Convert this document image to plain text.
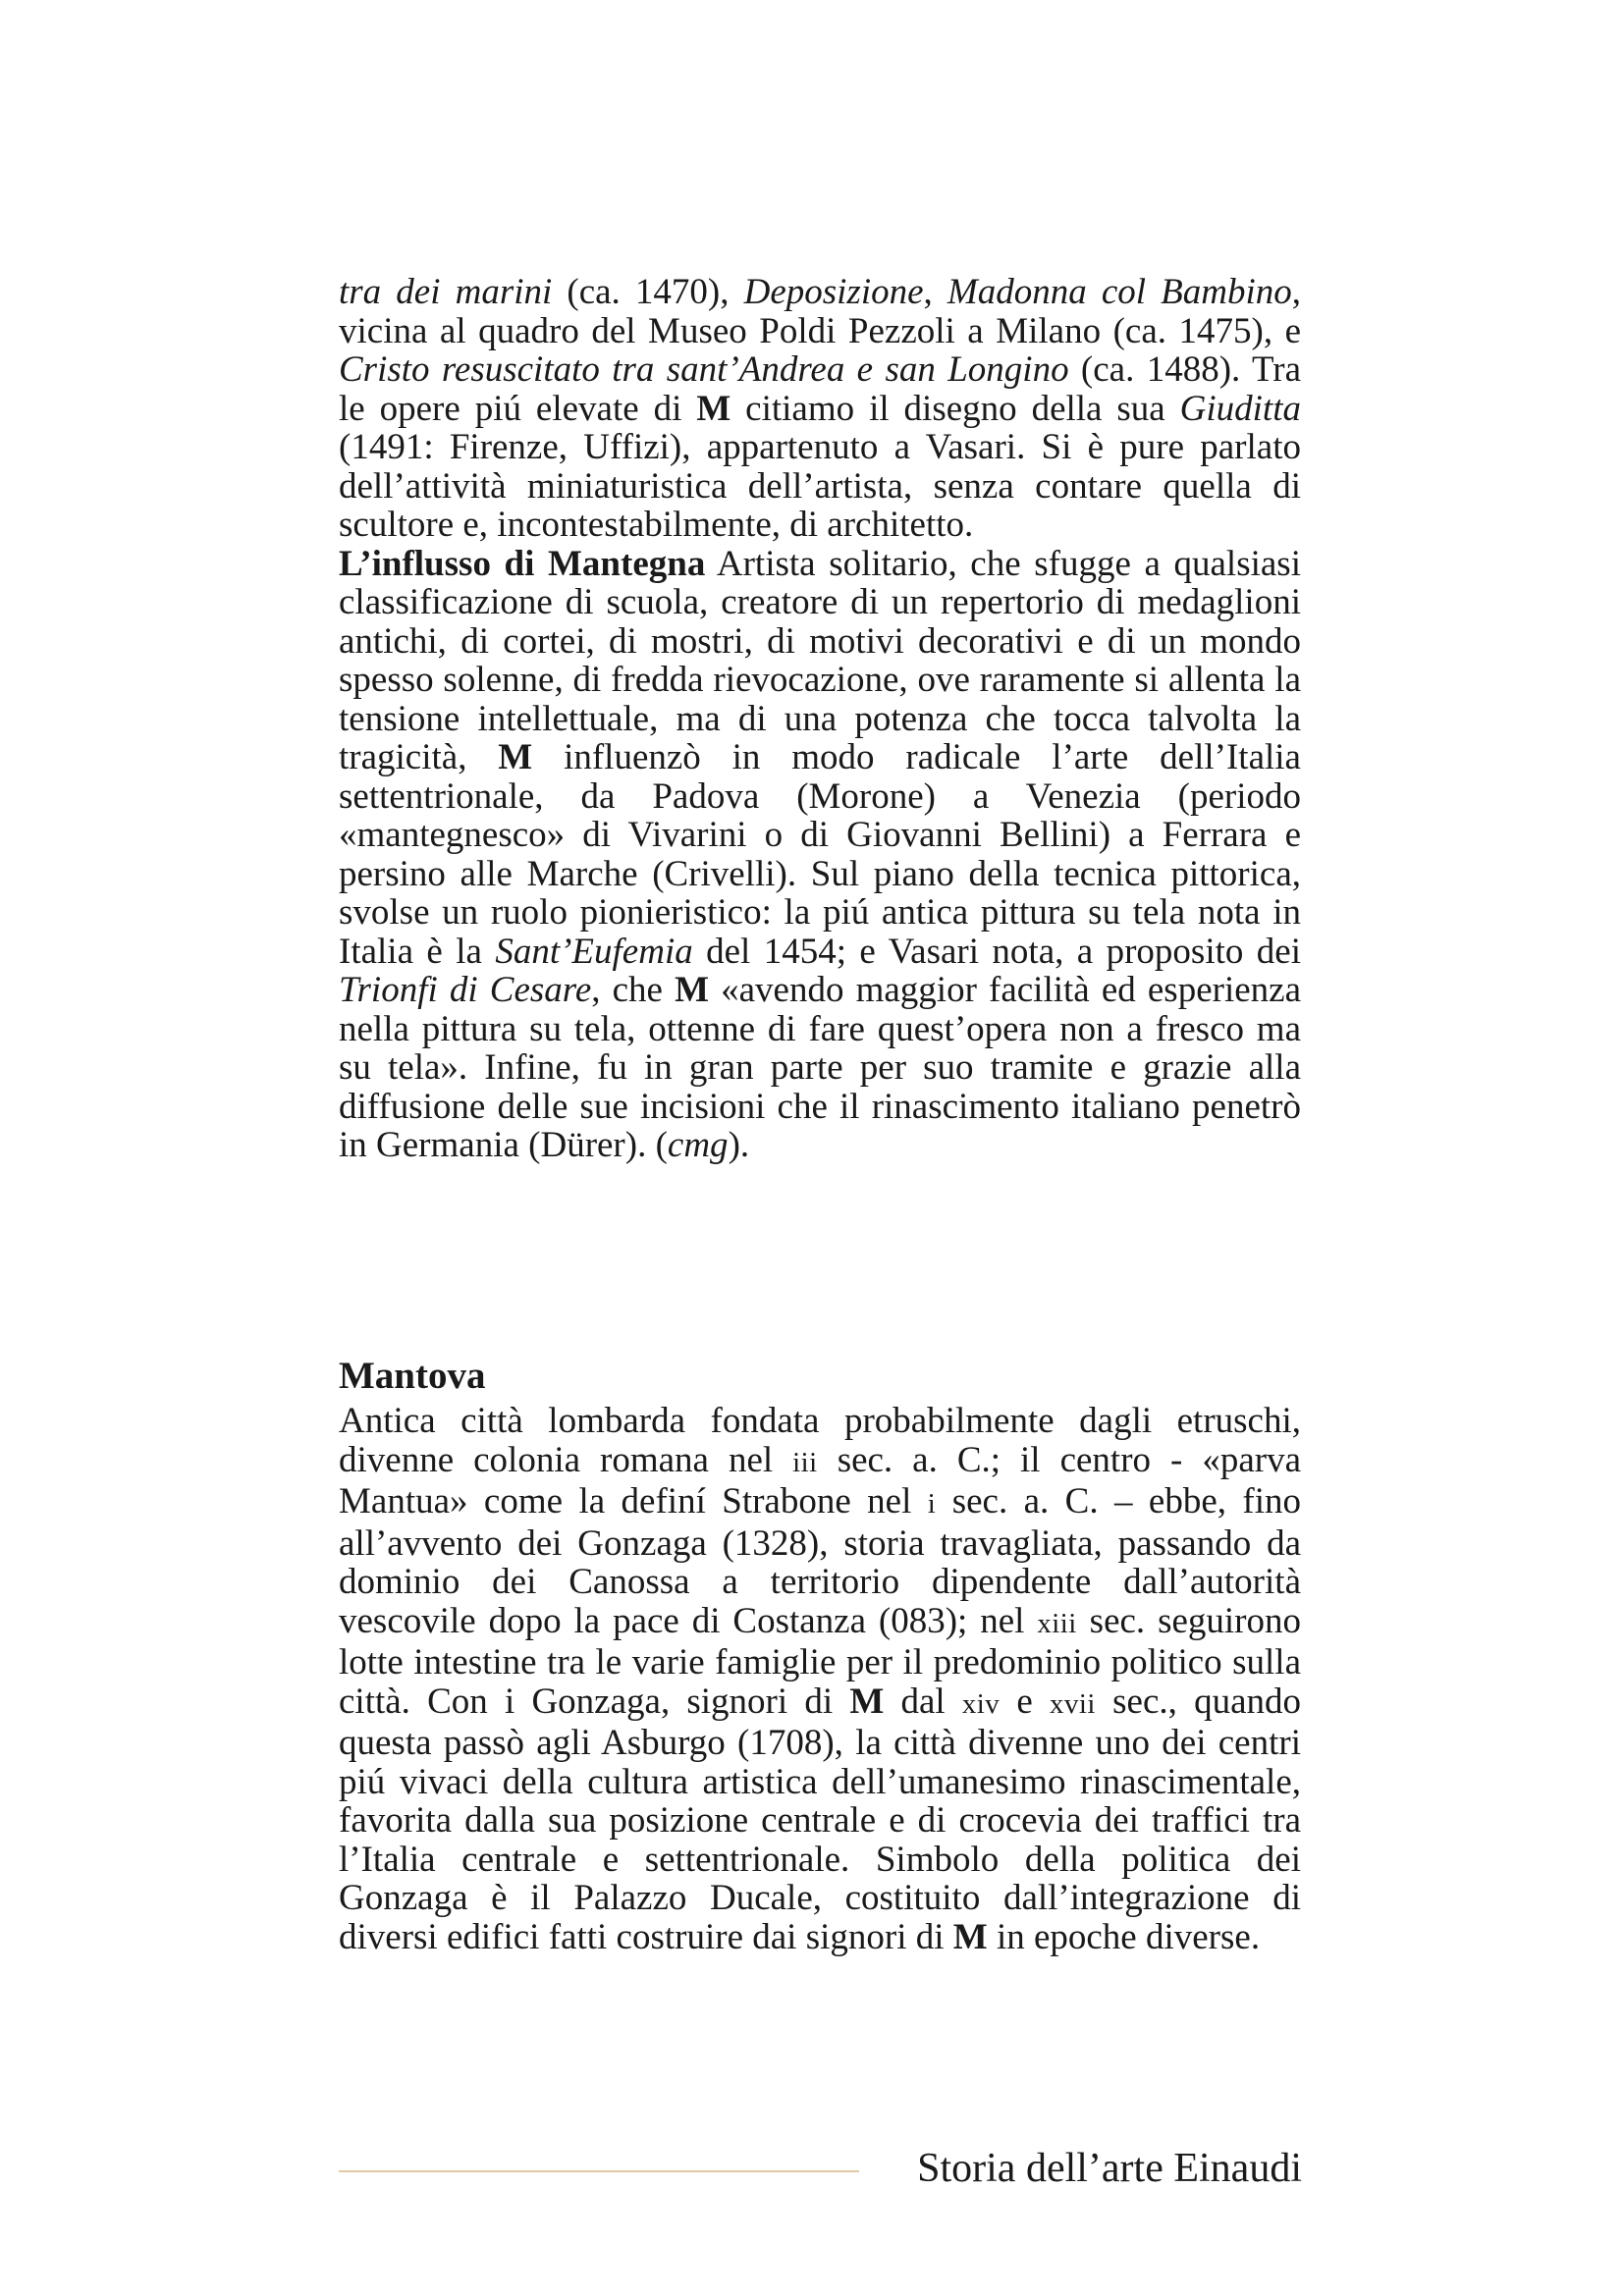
tra dei marini (ca. 1470), Deposizione, Madonna col Bambino, vicina al quadro del Museo Poldi Pezzoli a Milano (ca. 1475), e Cristo resuscitato tra sant’Andrea e san Longino (ca. 1488). Tra le opere piú elevate di M citiamo il disegno della sua Giuditta (1491: Firenze, Uffizi), appartenuto a Vasari. Si è pure parlato dell’attività miniaturistica dell’artista, senza contare quella di scultore e, incontestabilmente, di architetto.

L’influsso di Mantegna Artista solitario, che sfugge a qualsiasi classificazione di scuola, creatore di un repertorio di medaglioni antichi, di cortei, di mostri, di motivi decorativi e di un mondo spesso solenne, di fredda rievocazione, ove raramente si allenta la tensione intellettuale, ma di una potenza che tocca talvolta la tragicità, M influenzò in modo radicale l’arte dell’Italia settentrionale, da Padova (Morone) a Venezia (periodo «mantegnesco» di Vivarini o di Giovanni Bellini) a Ferrara e persino alle Marche (Crivelli). Sul piano della tecnica pittorica, svolse un ruolo pionieristico: la piú antica pittura su tela nota in Italia è la Sant’Eufemia del 1454; e Vasari nota, a proposito dei Trionfi di Cesare, che M «avendo maggior facilità ed esperienza nella pittura su tela, ottenne di fare quest’opera non a fresco ma su tela». Infine, fu in gran parte per suo tramite e grazie alla diffusione delle sue incisioni che il rinascimento italiano penetrò in Germania (Dürer). (cmg).

Mantova

Antica città lombarda fondata probabilmente dagli etruschi, divenne colonia romana nel iii sec. a. C.; il centro - «parva Mantua» come la definí Strabone nel i sec. a. C. – ebbe, fino all’avvento dei Gonzaga (1328), storia travagliata, passando da dominio dei Canossa a territorio dipendente dall’autorità vescovile dopo la pace di Costanza (083); nel xiii sec. seguirono lotte intestine tra le varie famiglie per il predominio politico sulla città. Con i Gonzaga, signori di M dal xiv e xvii sec., quando questa passò agli Asburgo (1708), la città divenne uno dei centri piú vivaci della cultura artistica dell’umanesimo rinascimentale, favorita dalla sua posizione centrale e di crocevia dei traffici tra l’Italia centrale e settentrionale. Simbolo della politica dei Gonzaga è il Palazzo Ducale, costituito dall’integrazione di diversi edifici fatti costruire dai signori di M in epoche diverse.

Storia dell’arte Einaudi
